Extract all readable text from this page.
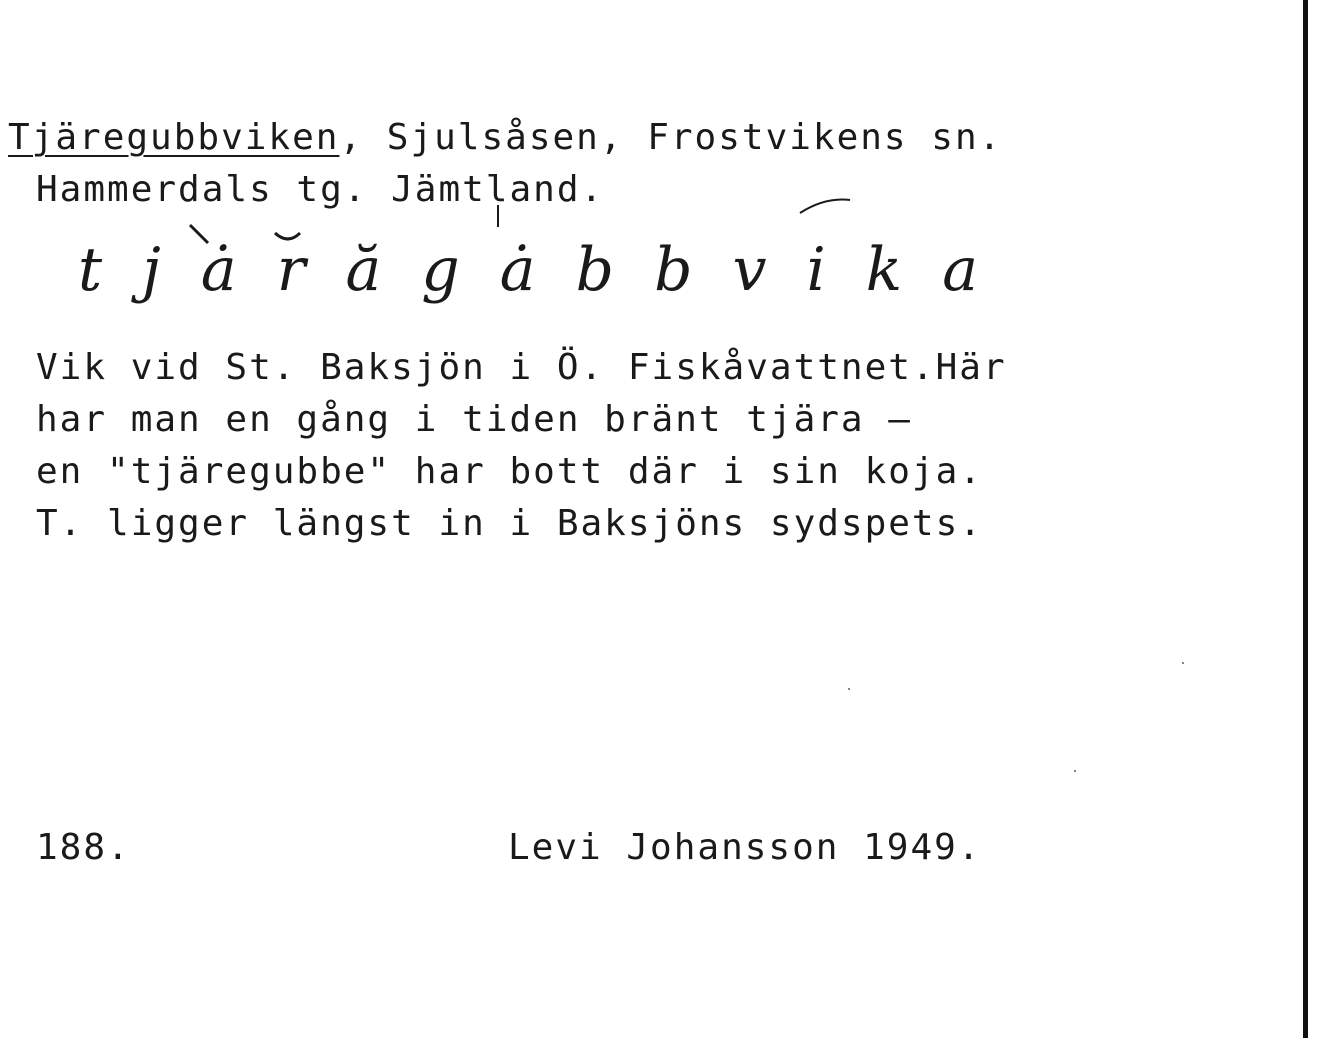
Tjäregubbviken, Sjulsåsen, Frostvikens sn.
Hammerdals tg. Jämtland.
tjȧrăgȧbbvika
Vik vid St. Baksjön i Ö. Fiskåvattnet.Här
har man en gång i tiden bränt tjära –
en "tjäregubbe" har bott där i sin koja.
T. ligger längst in i Baksjöns sydspets.
188.	Levi Johansson 1949.
